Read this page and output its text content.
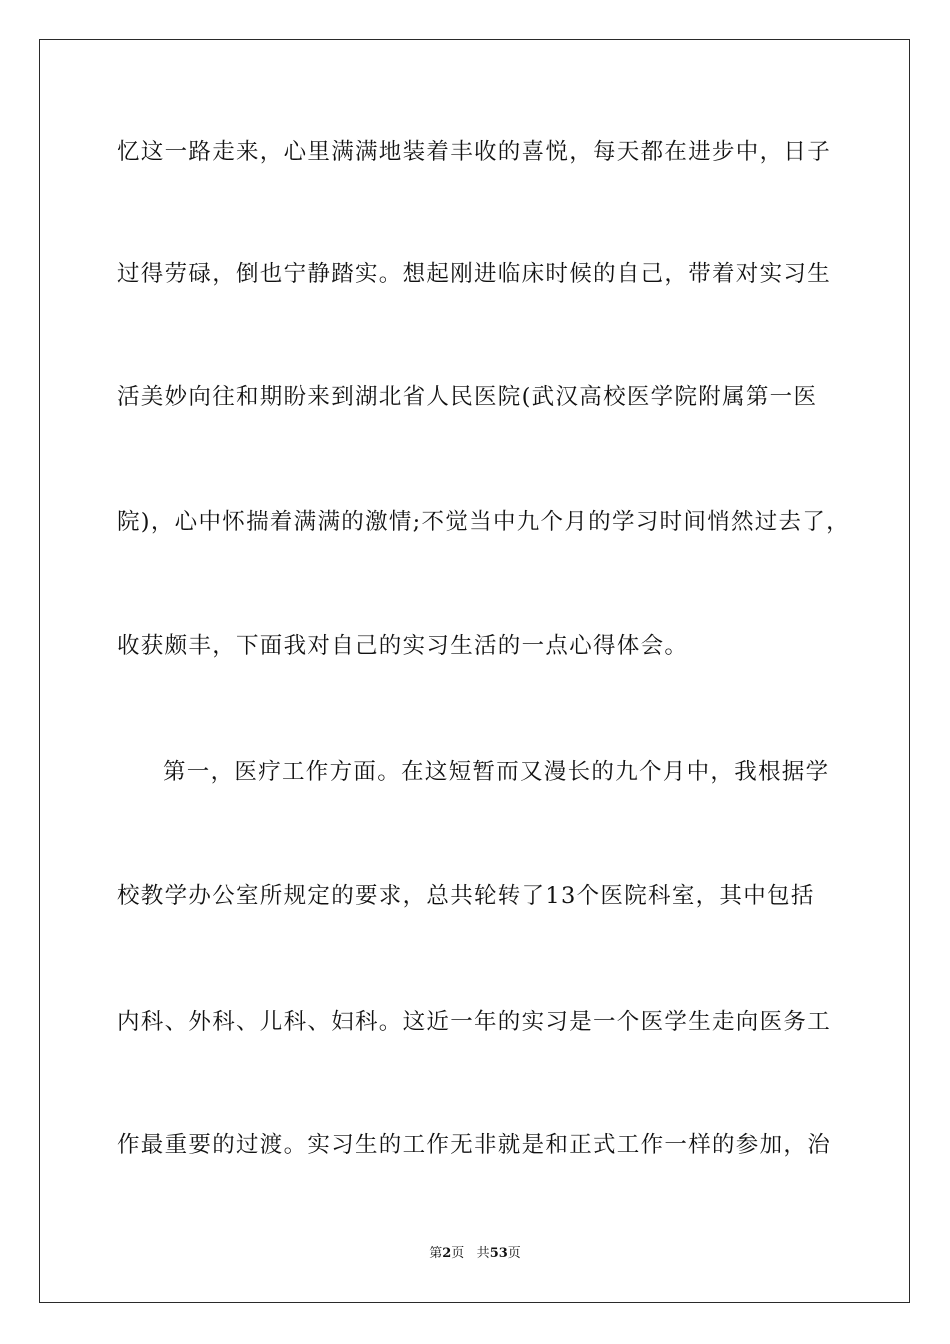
忆这一路走来，心里满满地装着丰收的喜悦，每天都在进步中，日子
过得劳碌，倒也宁静踏实。想起刚进临床时候的自己，带着对实习生
活美妙向往和期盼来到湖北省人民医院(武汉高校医学院附属第一医
院)，心中怀揣着满满的激情;不觉当中九个月的学习时间悄然过去了，
收获颇丰，下面我对自己的实习生活的一点心得体会。
第一，医疗工作方面。在这短暂而又漫长的九个月中，我根据学
校教学办公室所规定的要求，总共轮转了13个医院科室，其中包括
内科、外科、儿科、妇科。这近一年的实习是一个医学生走向医务工
作最重要的过渡。实习生的工作无非就是和正式工作一样的参加，治
第2页 共53页
